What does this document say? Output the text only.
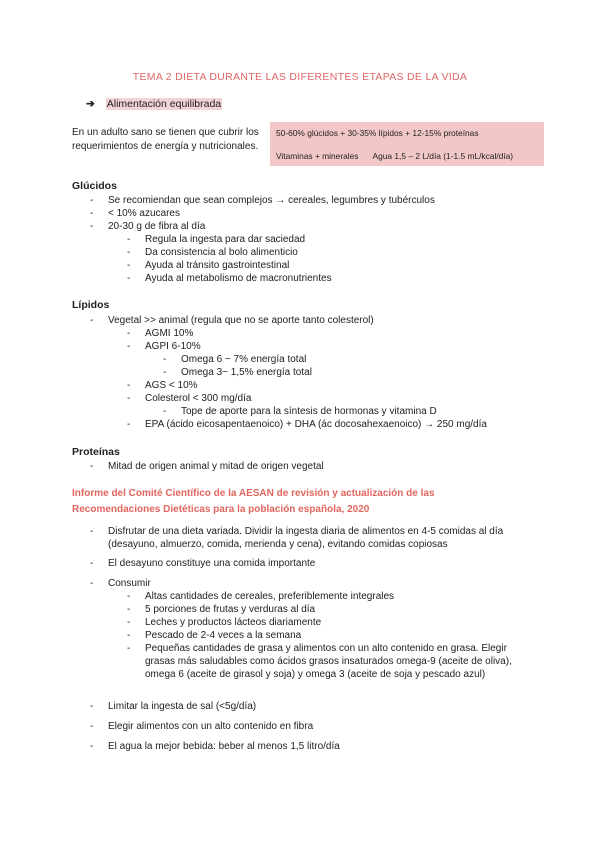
TEMA 2 DIETA DURANTE LAS DIFERENTES ETAPAS DE LA VIDA
➔ Alimentación equilibrada
En un adulto sano se tienen que cubrir los requerimientos de energía y nutricionales.
50-60% glúcidos + 30-35% lípidos + 12-15% proteínas
Vitaminas + minerales Agua 1,5 – 2 L/día (1-1.5 mL/kcal/día)
Glúcidos
- Se recomiendan que sean complejos → cereales, legumbres y tubérculos
- < 10% azucares
- 20-30 g de fibra al día
- Regula la ingesta para dar saciedad
- Da consistencia al bolo alimenticio
- Ayuda al tránsito gastrointestinal
- Ayuda al metabolismo de macronutrientes
Lípidos
- Vegetal >> animal (regula que no se aporte tanto colesterol)
- AGMI 10%
- AGPI 6-10%
- Omega 6 ~ 7% energía total
- Omega 3~ 1,5% energía total
- AGS < 10%
- Colesterol < 300 mg/día
- Tope de aporte para la síntesis de hormonas y vitamina D
- EPA (ácido eicosapentaenoico) + DHA (ác docosahexaenoico) → 250 mg/día
Proteínas
- Mitad de origen animal y mitad de origen vegetal
Informe del Comité Científico de la AESAN de revisión y actualización de las
Recomendaciones Dietéticas para la población española, 2020
- Disfrutar de una dieta variada. Dividir la ingesta diaria de alimentos en 4-5 comidas al día (desayuno, almuerzo, comida, merienda y cena), evitando comidas copiosas
- El desayuno constituye una comida importante
- Consumir
- Altas cantidades de cereales, preferiblemente integrales
- 5 porciones de frutas y verduras al día
- Leches y productos lácteos diariamente
- Pescado de 2-4 veces a la semana
- Pequeñas cantidades de grasa y alimentos con un alto contenido en grasa. Elegir grasas más saludables como ácidos grasos insaturados omega-9 (aceite de oliva), omega 6 (aceite de girasol y soja) y omega 3 (aceite de soja y pescado azul)
- Limitar la ingesta de sal (<5g/día)
- Elegir alimentos con un alto contenido en fibra
- El agua la mejor bebida: beber al menos 1,5 litro/día
